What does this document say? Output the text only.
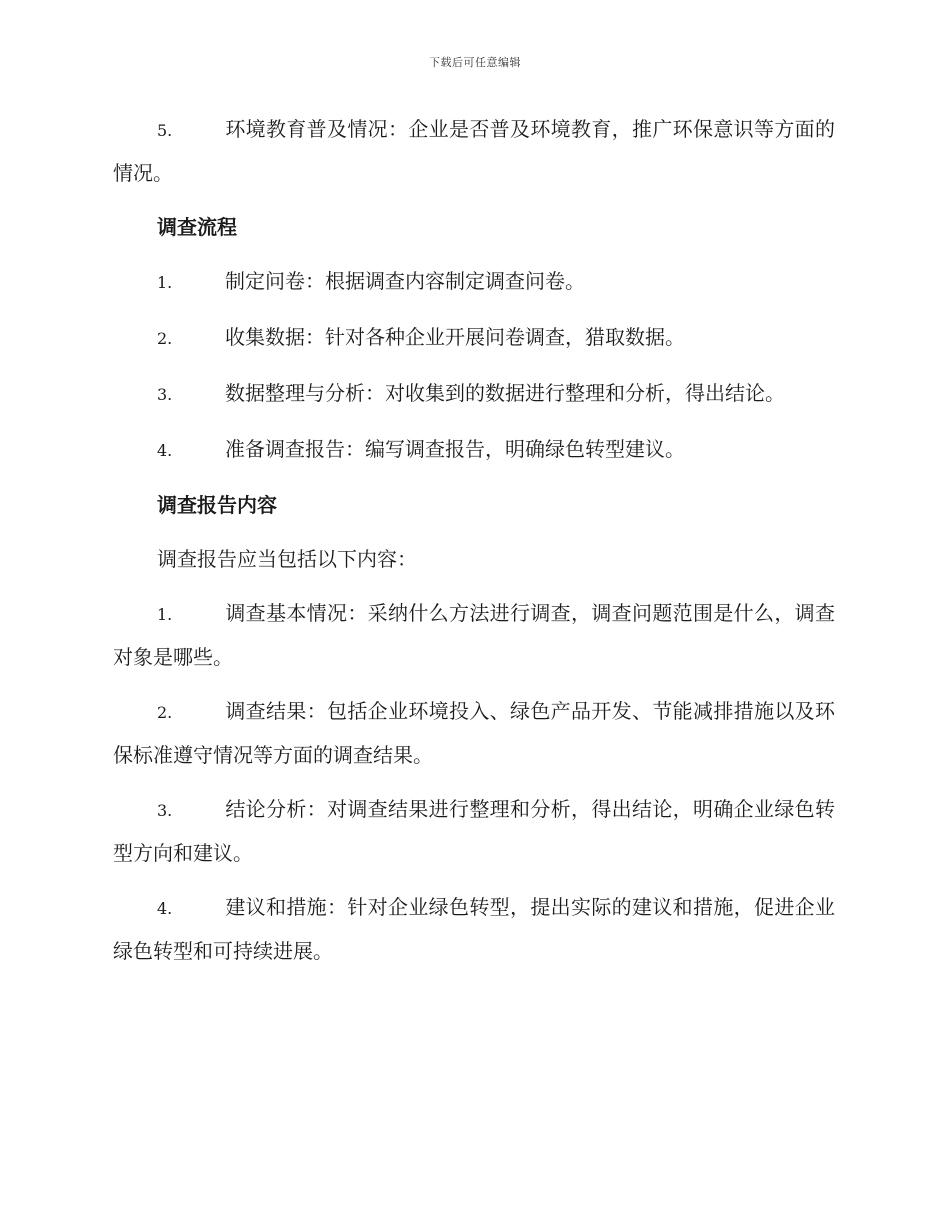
下载后可任意编辑

5.	环境教育普及情况：企业是否普及环境教育，推广环保意识等方面的情况。

调查流程

1.	制定问卷：根据调查内容制定调查问卷。

2.	收集数据：针对各种企业开展问卷调查，猎取数据。

3.	数据整理与分析：对收集到的数据进行整理和分析，得出结论。

4.	准备调查报告：编写调查报告，明确绿色转型建议。

调查报告内容
调查报告应当包括以下内容：

1.	调查基本情况：采纳什么方法进行调查，调查问题范围是什么，调查对象是哪些。

2.	调查结果：包括企业环境投入、绿色产品开发、节能减排措施以及环保标准遵守情况等方面的调查结果。

3.	结论分析：对调查结果进行整理和分析，得出结论，明确企业绿色转型方向和建议。

4.	建议和措施：针对企业绿色转型，提出实际的建议和措施，促进企业绿色转型和可持续进展。
